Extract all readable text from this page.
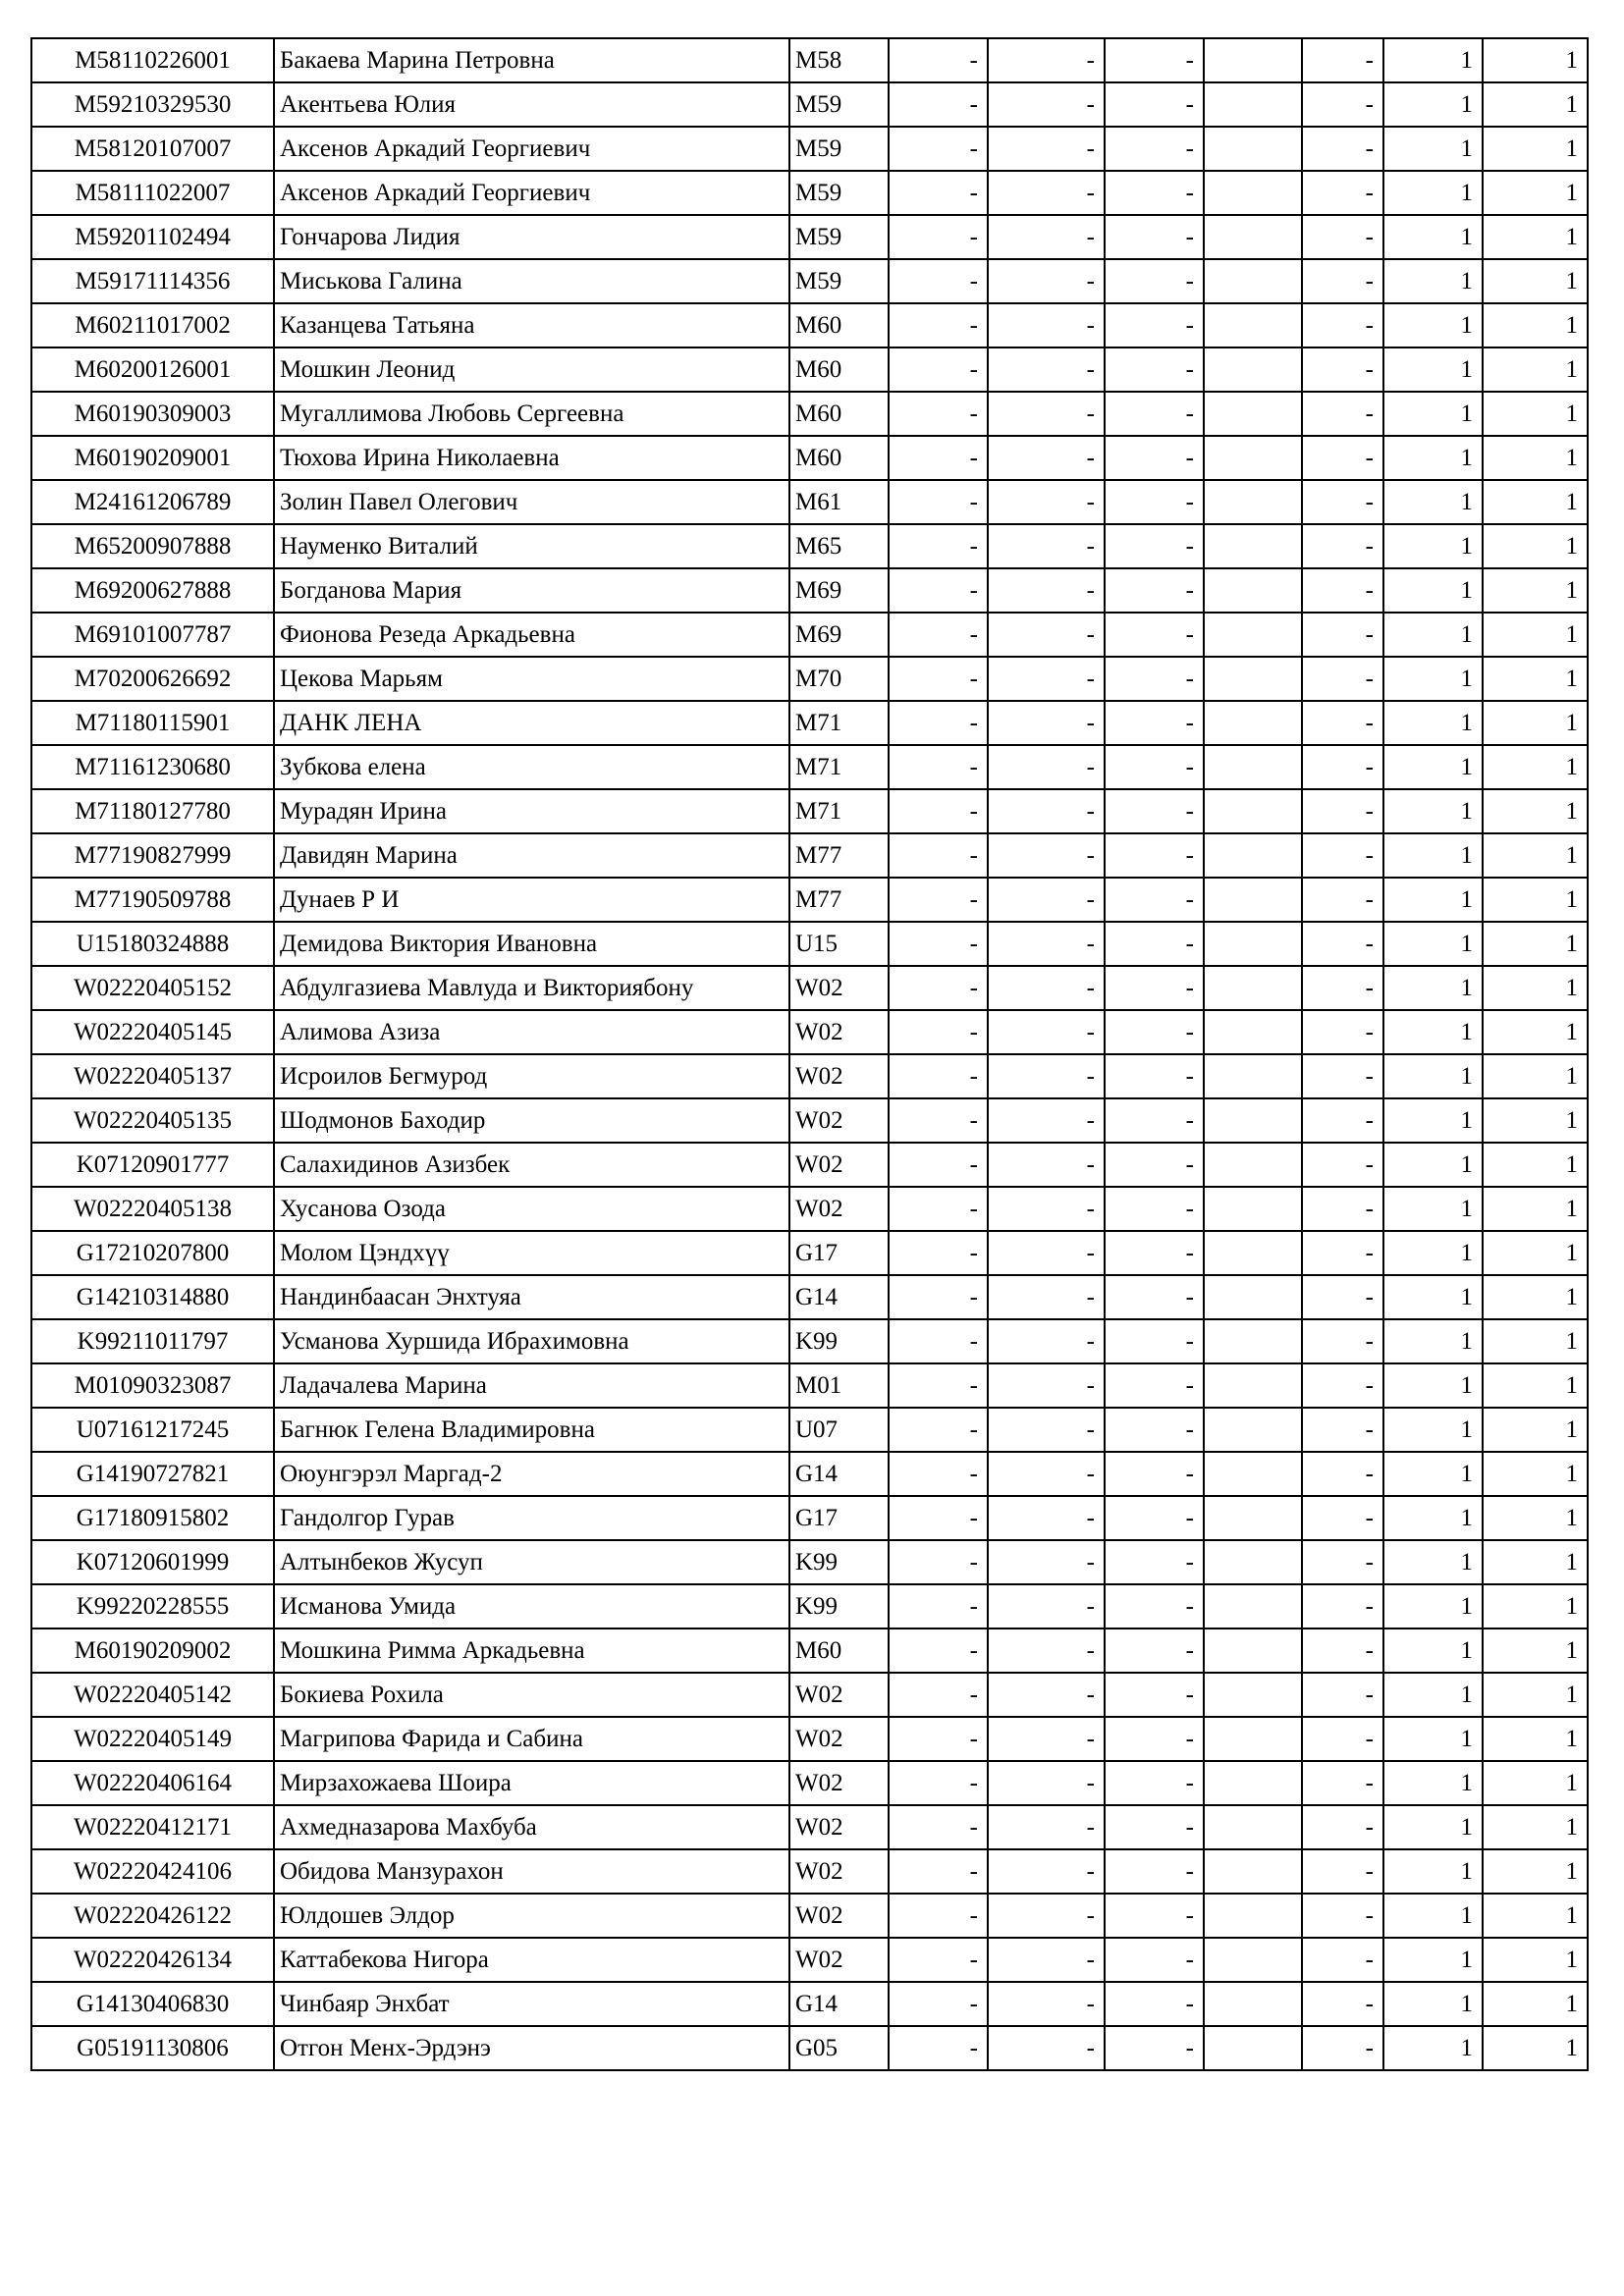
M58110226001	Бакаева Марина Петровна	M58	-	-	-		-	1	1
M59210329530	Акентьева Юлия	M59	-	-	-		-	1	1
M58120107007	Аксенов Аркадий Георгиевич	M59	-	-	-		-	1	1
M58111022007	Аксенов Аркадий Георгиевич	M59	-	-	-		-	1	1
M59201102494	Гончарова Лидия	M59	-	-	-		-	1	1
M59171114356	Миськова Галина	M59	-	-	-		-	1	1
M60211017002	Казанцева Татьяна	M60	-	-	-		-	1	1
M60200126001	Мошкин Леонид	M60	-	-	-		-	1	1
M60190309003	Мугаллимова Любовь Сергеевна	M60	-	-	-		-	1	1
M60190209001	Тюхова Ирина Николаевна	M60	-	-	-		-	1	1
M24161206789	Золин Павел Олегович	M61	-	-	-		-	1	1
M65200907888	Науменко Виталий	M65	-	-	-		-	1	1
M69200627888	Богданова Мария	M69	-	-	-		-	1	1
M69101007787	Фионова Резеда Аркадьевна	M69	-	-	-		-	1	1
M70200626692	Цекова Марьям	M70	-	-	-		-	1	1
M71180115901	ДАНК ЛЕНА	M71	-	-	-		-	1	1
M71161230680	Зубкова елена	M71	-	-	-		-	1	1
M71180127780	Мурадян Ирина	M71	-	-	-		-	1	1
M77190827999	Давидян Марина	M77	-	-	-		-	1	1
M77190509788	Дунаев Р И	M77	-	-	-		-	1	1
U15180324888	Демидова Виктория Ивановна	U15	-	-	-		-	1	1
W02220405152	Абдулгазиева Мавлуда и Викториябону	W02	-	-	-		-	1	1
W02220405145	Алимова Азиза	W02	-	-	-		-	1	1
W02220405137	Исроилов Бегмурод	W02	-	-	-		-	1	1
W02220405135	Шодмонов Баходир	W02	-	-	-		-	1	1
K07120901777	Салахидинов Азизбек	W02	-	-	-		-	1	1
W02220405138	Хусанова Озода	W02	-	-	-		-	1	1
G17210207800	Молом Цэндхүү	G17	-	-	-		-	1	1
G14210314880	Нандинбаасан Энхтуяа	G14	-	-	-		-	1	1
K99211011797	Усманова Хуршида Ибрахимовна	K99	-	-	-		-	1	1
M01090323087	Ладачалева Марина	M01	-	-	-		-	1	1
U07161217245	Багнюк Гелена Владимировна	U07	-	-	-		-	1	1
G14190727821	Оюунгэрэл Маргад-2	G14	-	-	-		-	1	1
G17180915802	Гандолгор Гурав	G17	-	-	-		-	1	1
K07120601999	Алтынбеков Жусуп	K99	-	-	-		-	1	1
K99220228555	Исманова Умида	K99	-	-	-		-	1	1
M60190209002	Мошкина Римма Аркадьевна	M60	-	-	-		-	1	1
W02220405142	Бокиева Рохила	W02	-	-	-		-	1	1
W02220405149	Магрипова Фарида и Сабина	W02	-	-	-		-	1	1
W02220406164	Мирзахожаева Шоира	W02	-	-	-		-	1	1
W02220412171	Ахмедназарова Махбуба	W02	-	-	-		-	1	1
W02220424106	Обидова Манзурахон	W02	-	-	-		-	1	1
W02220426122	Юлдошев Элдор	W02	-	-	-		-	1	1
W02220426134	Каттабекова Нигора	W02	-	-	-		-	1	1
G14130406830	Чинбаяр Энхбат	G14	-	-	-		-	1	1
G05191130806	Отгон Менх-Эрдэнэ	G05	-	-	-		-	1	1
